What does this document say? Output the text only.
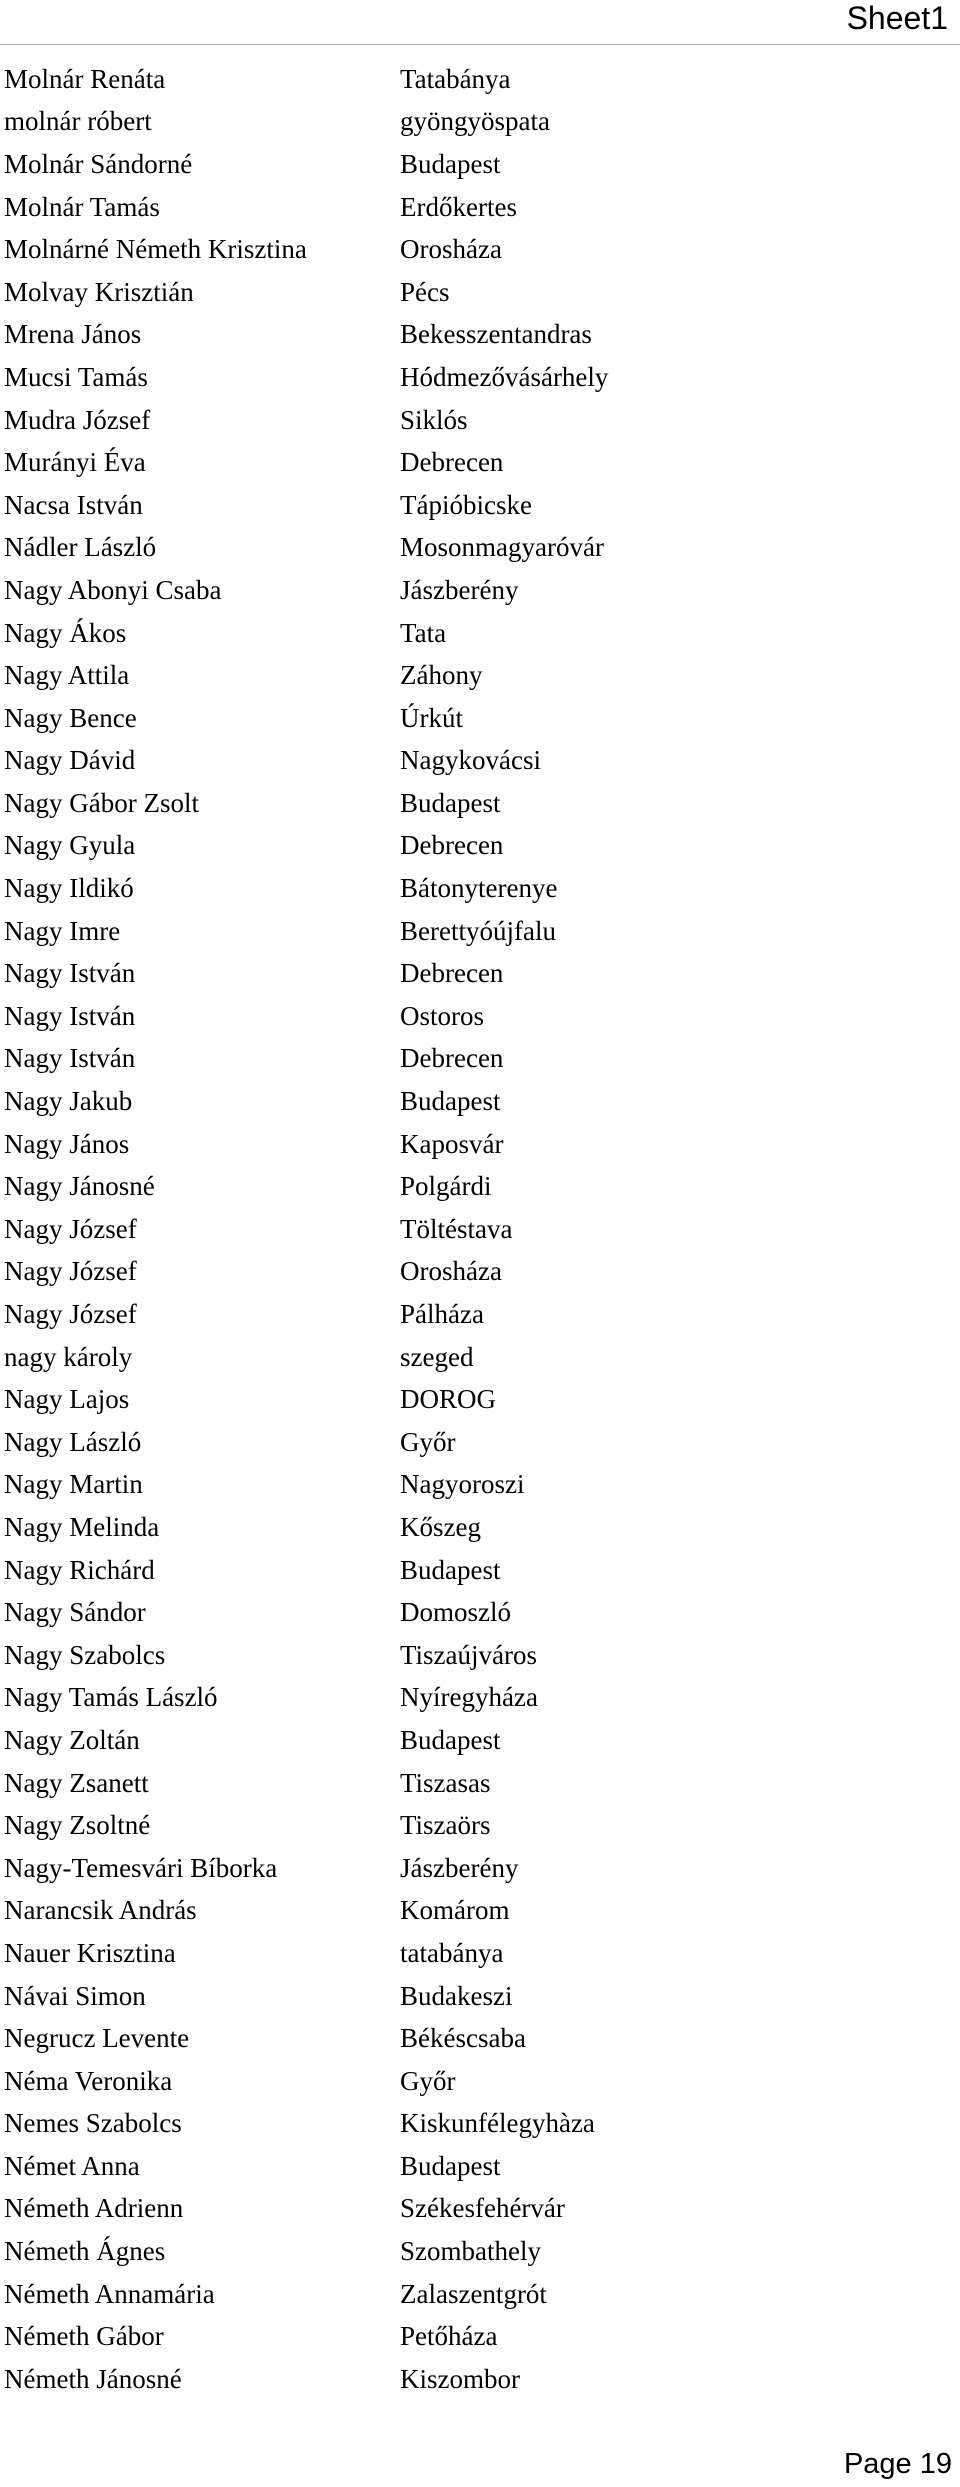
Sheet1
Molnár Renáta	Tatabánya
molnár róbert	gyöngyöspata
Molnár Sándorné	Budapest
Molnár Tamás	Erdőkertes
Molnárné Németh Krisztina	Orosháza
Molvay Krisztián	Pécs
Mrena János	Bekesszentandras
Mucsi Tamás	Hódmezővásárhely
Mudra József	Siklós
Murányi Éva	Debrecen
Nacsa István	Tápióbicske
Nádler László	Mosonmagyaróvár
Nagy Abonyi Csaba	Jászberény
Nagy Ákos	Tata
Nagy Attila	Záhony
Nagy Bence	Úrkút
Nagy Dávid	Nagykovácsi
Nagy Gábor Zsolt	Budapest
Nagy Gyula	Debrecen
Nagy Ildikó	Bátonyterenye
Nagy Imre	Berettyóújfalu
Nagy István	Debrecen
Nagy István	Ostoros
Nagy István	Debrecen
Nagy Jakub	Budapest
Nagy János	Kaposvár
Nagy Jánosné	Polgárdi
Nagy József	Töltéstava
Nagy József	Orosháza
Nagy József	Pálháza
nagy károly	szeged
Nagy Lajos	DOROG
Nagy László	Győr
Nagy Martin	Nagyoroszi
Nagy Melinda	Kőszeg
Nagy Richárd	Budapest
Nagy Sándor	Domoszló
Nagy Szabolcs	Tiszaújváros
Nagy Tamás László	Nyíregyháza
Nagy Zoltán	Budapest
Nagy Zsanett	Tiszasas
Nagy Zsoltné	Tiszaörs
Nagy-Temesvári Bíborka	Jászberény
Narancsik András	Komárom
Nauer Krisztina	tatabánya
Návai Simon	Budakeszi
Negrucz Levente	Békéscsaba
Néma Veronika	Győr
Nemes Szabolcs	Kiskunfélegyhàza
Német Anna	Budapest
Németh Adrienn	Székesfehérvár
Németh Ágnes	Szombathely
Németh Annamária	Zalaszentgrót
Németh Gábor	Petőháza
Németh Jánosné	Kiszombor
Page 19
